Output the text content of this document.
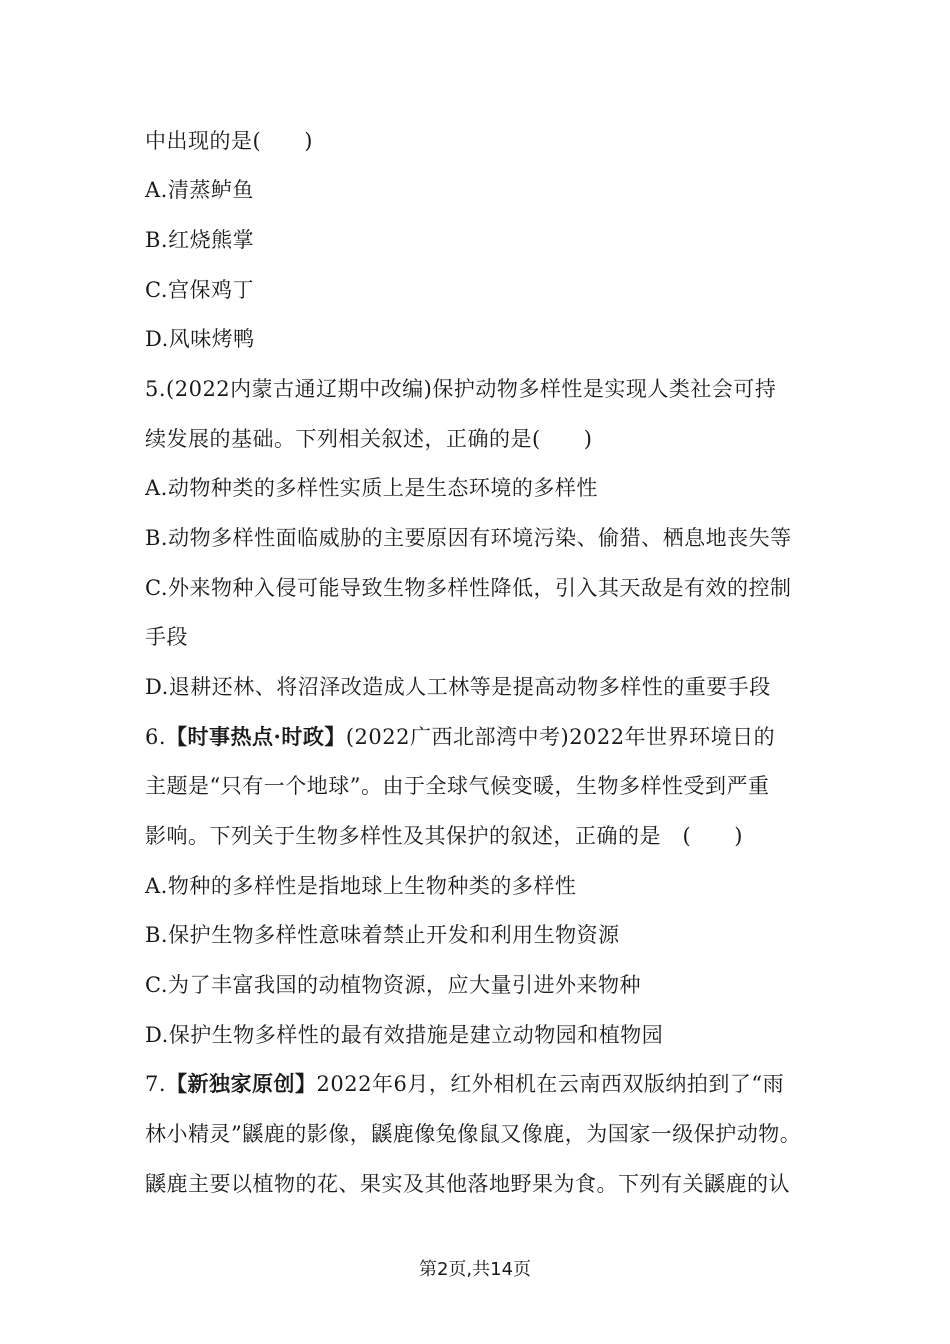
中出现的是(　　)
A.清蒸鲈鱼
B.红烧熊掌
C.宫保鸡丁
D.风味烤鸭
5.(2022内蒙古通辽期中改编)保护动物多样性是实现人类社会可持
续发展的基础。下列相关叙述，正确的是(　　)
A.动物种类的多样性实质上是生态环境的多样性
B.动物多样性面临威胁的主要原因有环境污染、偷猎、栖息地丧失等
C.外来物种入侵可能导致生物多样性降低，引入其天敌是有效的控制
手段
D.退耕还林、将沼泽改造成人工林等是提高动物多样性的重要手段
6.【时事热点·时政】(2022广西北部湾中考)2022年世界环境日的
主题是“只有一个地球”。由于全球气候变暖，生物多样性受到严重
影响。下列关于生物多样性及其保护的叙述，正确的是　(　　)
A.物种的多样性是指地球上生物种类的多样性
B.保护生物多样性意味着禁止开发和利用生物资源
C.为了丰富我国的动植物资源，应大量引进外来物种
D.保护生物多样性的最有效措施是建立动物园和植物园
7.【新独家原创】2022年6月，红外相机在云南西双版纳拍到了“雨
林小精灵”鼷鹿的影像，鼷鹿像兔像鼠又像鹿，为国家一级保护动物。
鼷鹿主要以植物的花、果实及其他落地野果为食。下列有关鼷鹿的认
第2页,共14页
